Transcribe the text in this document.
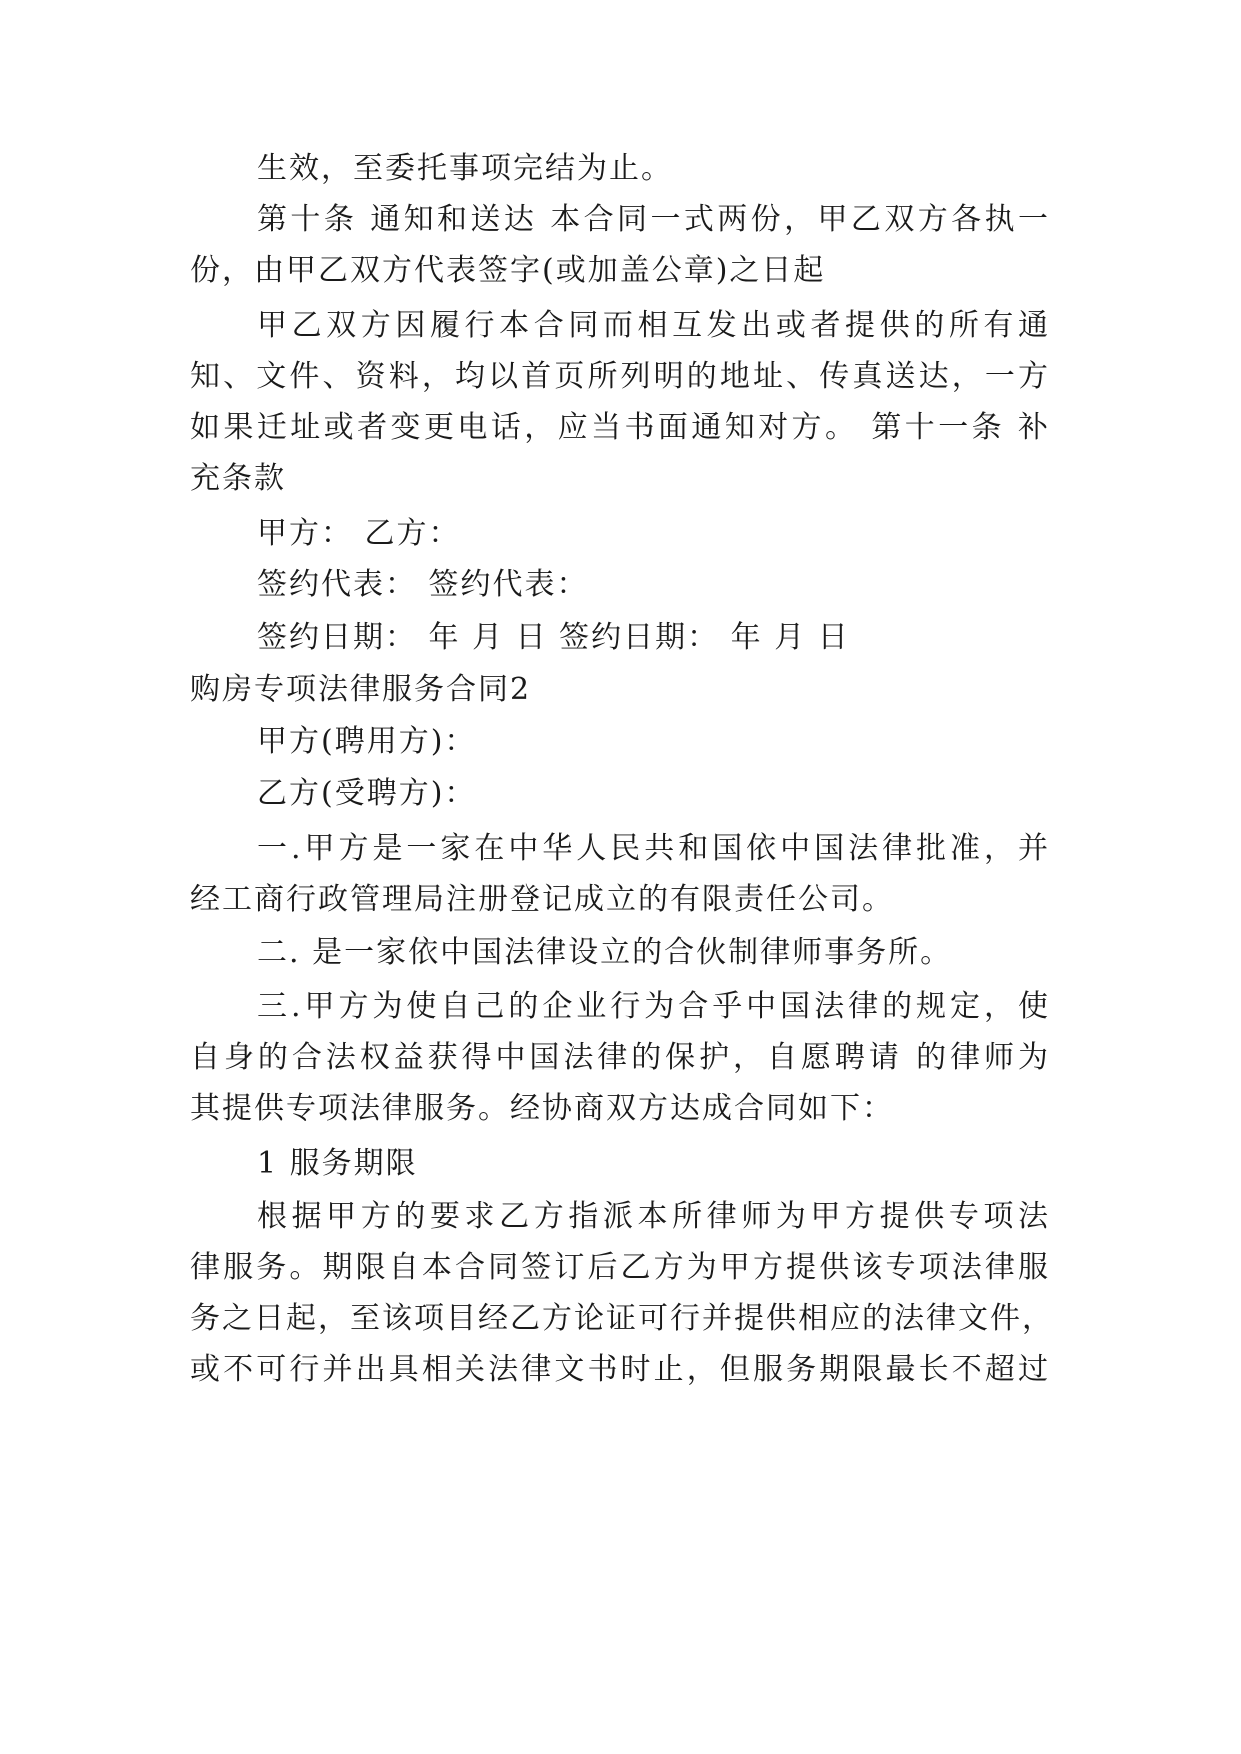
生效，至委托事项完结为止。
第十条 通知和送达 本合同一式两份，甲乙双方各执一
份，由甲乙双方代表签字(或加盖公章)之日起
甲乙双方因履行本合同而相互发出或者提供的所有通
知、文件、资料，均以首页所列明的地址、传真送达，一方
如果迁址或者变更电话，应当书面通知对方。 第十一条 补
充条款
甲方： 乙方：
签约代表： 签约代表：
签约日期： 年 月 日 签约日期： 年 月 日
购房专项法律服务合同2
甲方(聘用方)：
乙方(受聘方)：
一.甲方是一家在中华人民共和国依中国法律批准，并
经工商行政管理局注册登记成立的有限责任公司。
二. 是一家依中国法律设立的合伙制律师事务所。
三.甲方为使自己的企业行为合乎中国法律的规定，使
自身的合法权益获得中国法律的保护，自愿聘请 的律师为
其提供专项法律服务。经协商双方达成合同如下：
1 服务期限
根据甲方的要求乙方指派本所律师为甲方提供专项法
律服务。期限自本合同签订后乙方为甲方提供该专项法律服
务之日起，至该项目经乙方论证可行并提供相应的法律文件，
或不可行并出具相关法律文书时止，但服务期限最长不超过
